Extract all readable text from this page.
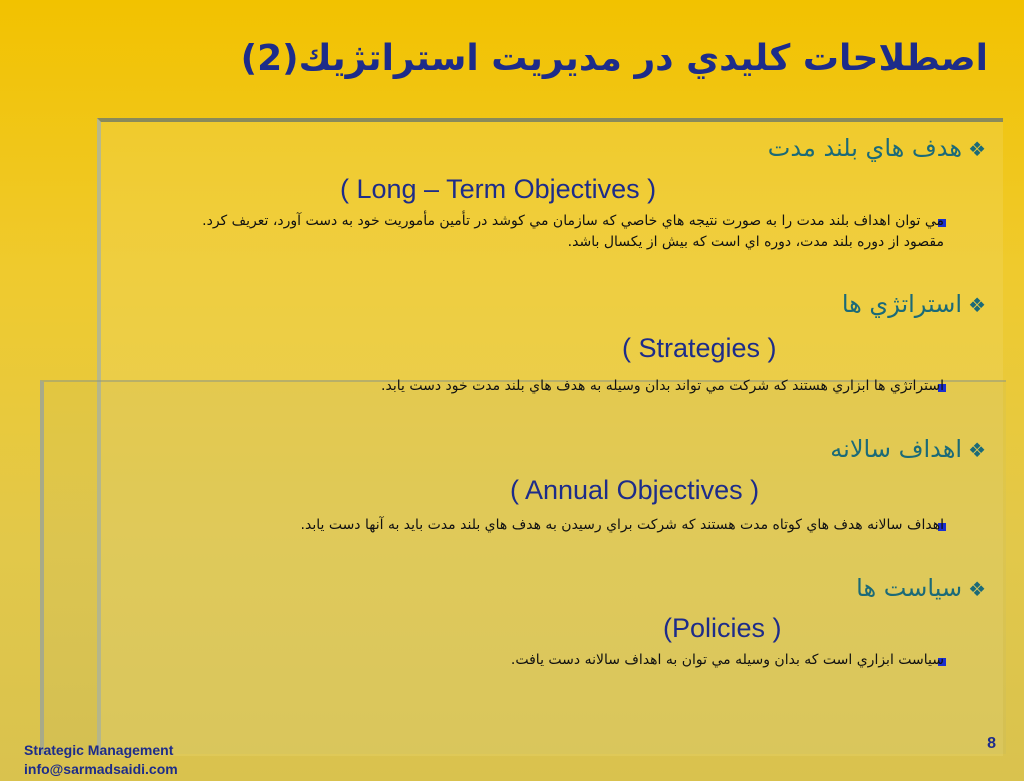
اصطلاحات كليدي در مديريت استراتژيك(2)
❖هدف هاي بلند مدت
( Long – Term Objectives )
مي توان اهداف بلند مدت را به صورت نتيجه هاي خاصي كه سازمان مي كوشد در تأمين مأموريت خود به دست آورد، تعريف كرد.
مقصود از دوره بلند مدت، دوره اي است كه بيش از يكسال باشد.
❖استراتژي ها
( Strategies )
استراتژي ها ابزاري هستند كه شركت مي تواند بدان وسيله به هدف هاي بلند مدت خود دست يابد.
❖اهداف سالانه
( Annual Objectives )
اهداف سالانه هدف هاي كوتاه مدت هستند كه شركت براي رسيدن به هدف هاي بلند مدت بايد به آنها دست يابد.
❖سياست ها
(Policies )
سياست ابزاري است كه بدان وسيله مي توان به اهداف سالانه دست يافت.
Strategic Management
info@sarmadsaidi.com
8
